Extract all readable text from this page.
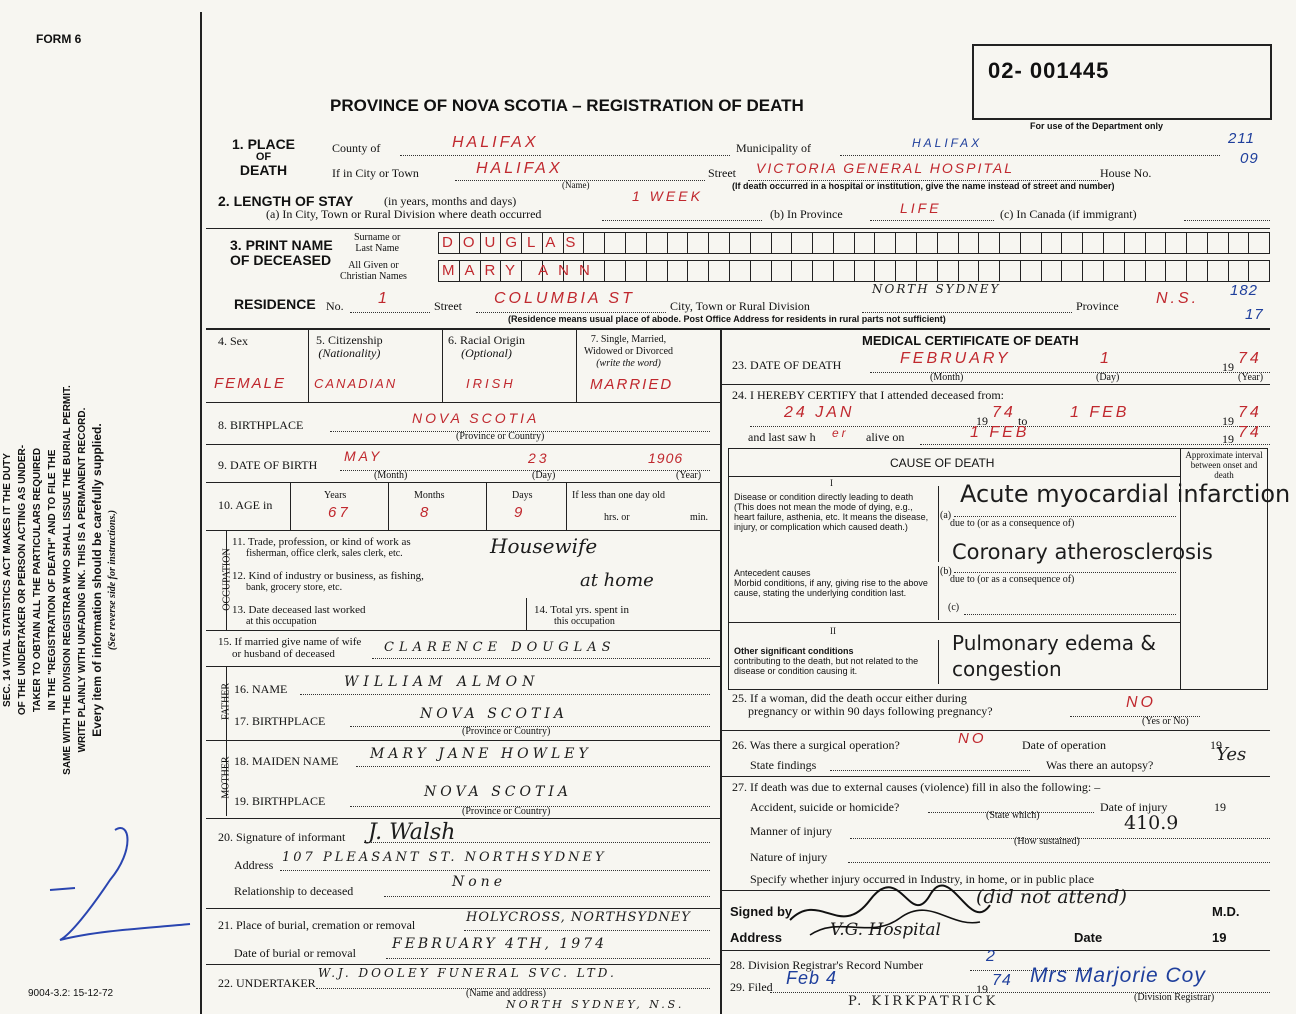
FORM 6
02- 001445
PROVINCE OF NOVA SCOTIA – REGISTRATION OF DEATH
For use of the Department only
211
09
182
17
SEC. 14 VITAL STATISTICS ACT MAKES IT THE DUTY OF THE UNDERTAKER OR PERSON ACTING AS UNDER- TAKER TO OBTAIN ALL THE PARTICULARS REQUIRED IN THE "REGISTRATION OF DEATH" AND TO FILE THE SAME WITH THE DIVISION REGISTRAR WHO SHALL ISSUE THE BURIAL PERMIT. WRITE PLAINLY WITH UNFADING INK. THIS IS A PERMANENT RECORD. Every item of information should be carefully supplied. (See reverse side for instructions.)
9004-3.2: 15-12-72
1. PLACE
OF
DEATH
County of	HALIFAX	Municipality of	HALIFAX
If in City or Town	HALIFAX	Street VICTORIA GENERAL HOSPITAL	House No.
(Name)	(If death occurred in a hospital or institution, give the name instead of street and number)
2. LENGTH OF STAY	(in years, months and days)
(a) In City, Town or Rural Division where death occurred
1 WEEK
(b) In Province	LIFE	(c) In Canada (if immigrant)
3. PRINT NAME
OF DECEASED
Surname or
Last Name	DOUGLAS
All Given or
Christian Names MARY ANN
RESIDENCE No. 1	Street COLUMBIA ST	City, Town or Rural Division
NORTH SYDNEY
Province N.S.
(Residence means usual place of abode. Post Office Address for residents in rural parts not sufficient)
4. Sex
FEMALE
5. Citizenship
(Nationality)
CANADIAN
6. Racial Origin
(Optional)
IRISH
7. Single, Married,
Widowed or Divorced
(write the word)
MARRIED
8. BIRTHPLACE	NOVA SCOTIA
(Province or Country)
9. DATE OF BIRTH
MAY	23	1906
(Month)	(Day)	(Year)
10. AGE in
Years	Months	Days	If less than one day old
67	8	9	hrs. or	min.
OCCUPATION
11. Trade, profession, or kind of work as
fisherman, office clerk, sales clerk, etc.	Housewife
12. Kind of industry or business, as fishing,
bank, grocery store, etc.	at home
13. Date deceased last worked
at this occupation
14. Total yrs. spent in
this occupation
15. If married give name of wife
or husband of deceased	CLARENCE DOUGLAS
FATHER 16. NAME	WILLIAM ALMON
17. BIRTHPLACE	NOVA SCOTIA
(Province or Country)
MOTHER 18. MAIDEN NAME MARY JANE HOWLEY
19. BIRTHPLACE
NOVA SCOTIA
(Province or Country)
20. Signature of informant J. Walsh
Address 107 PLEASANT ST. NORTHSYDNEY
Relationship to deceased
None
21. Place of burial, cremation or removal	HOLYCROSS, NORTHSYDNEY
Date of burial or removal
FEBRUARY 4TH, 1974
22. UNDERTAKER
W.J. DOOLEY FUNERAL SVC. LTD.
(Name and address)
NORTH SYDNEY, N.S.
MEDICAL CERTIFICATE OF DEATH
23. DATE OF DEATH	FEBRUARY	1	19 74
(Month)	(Day)	(Year)
24. I HEREBY CERTIFY that I attended deceased from:
24 JAN	19 74 to	1 FEB	19 74
and last saw h er alive on	1 FEB	19 74
CAUSE OF DEATH
Approximate interval between onset and death
I
Disease or condition directly leading to death (This does not mean the mode of dying, e.g., heart failure, asthenia, etc. It means the disease, injury, or complication which caused death.)
(a)
Acute myocardial infarction
due to (or as a consequence of)
Antecedent causes
Morbid conditions, if any, giving rise to the above cause, stating the underlying condition last.
(b)
Coronary atherosclerosis
due to (or as a consequence of)
(c)
II
Other significant conditions
contributing to the death, but not related to the disease or condition causing it.
Pulmonary edema & congestion
25. If a woman, did the death occur either during
pregnancy or within 90 days following pregnancy?	NO
(Yes or No)
26. Was there a surgical operation?	NO	Date of operation	19
State findings	Was there an autopsy?	Yes
27. If death was due to external causes (violence) fill in also the following: –
Accident, suicide or homicide?
(State which)
Date of injury	19
Manner of injury	410.9
(How sustained)
Nature of injury
Specify whether injury occurred in Industry, in home, or in public place
Signed by
(did not attend)
M.D.
Address	V.G. Hospital	Date	19
28. Division Registrar's Record Number	2
29. Filed Feb 4
19 74 Mrs Marjorie Coy
(Division Registrar)
P. KIRKPATRICK
